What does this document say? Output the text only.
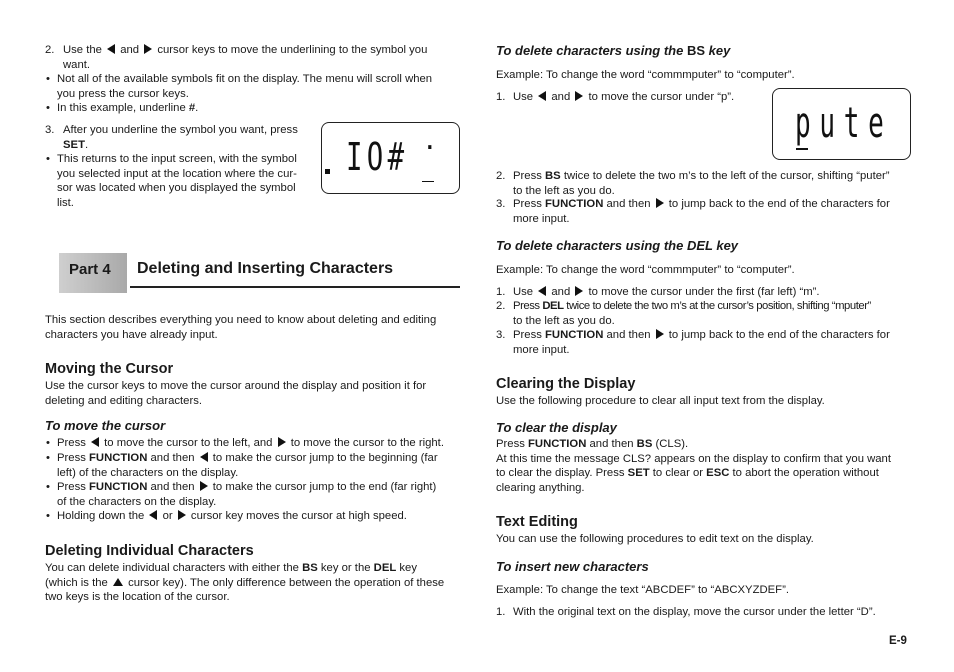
2. Use the and cursor keys to move the underlining to the symbol you
want.
• Not all of the available symbols fit on the display. The menu will scroll when
you press the cursor keys.
• In this example, underline #.
3. After you underline the symbol you want, press
SET.
• This returns to the input screen, with the symbol
you selected input at the location where the cur-
sor was located when you displayed the symbol
list.
IO# ·
Part 4 Deleting and Inserting Characters

This section describes everything you need to know about deleting and editing

characters you have already input.

Moving the Cursor

Use the cursor keys to move the cursor around the display and position it for

deleting and editing characters.

To move the cursor
• Press to move the cursor to the left, and to move the cursor to the right.
• Press FUNCTION and then to make the cursor jump to the beginning (far
left) of the characters on the display.
• Press FUNCTION and then to make the cursor jump to the end (far right)
of the characters on the display.
• Holding down the or cursor key moves the cursor at high speed.
Deleting Individual Characters

You can delete individual characters with either the BS key or the DEL key

(which is the cursor key). The only difference between the operation of these

two keys is the location of the cursor.

To delete characters using the BS key
Example: To change the word “commmputer” to “computer”.
1. Use and to move the cursor under “p”.
pute
2. Press BS twice to delete the two m’s to the left of the cursor, shifting “puter”
to the left as you do.
3. Press FUNCTION and then to jump back to the end of the characters for
more input.
To delete characters using the DEL key
Example: To change the word “commmputer” to “computer”.
1. Use and to move the cursor under the first (far left) “m”.
2. Press DEL twice to delete the two m’s at the cursor’s position, shifting “mputer”
to the left as you do.
3. Press FUNCTION and then to jump back to the end of the characters for
more input.
Clearing the Display
Use the following procedure to clear all input text from the display.
To clear the display

Press FUNCTION and then BS (CLS).

At this time the message CLS? appears on the display to confirm that you want

to clear the display. Press SET to clear or ESC to abort the operation without

clearing anything.

Text Editing
You can use the following procedures to edit text on the display.
To insert new characters
Example: To change the text “ABCDEF” to “ABCXYZDEF”.
1. With the original text on the display, move the cursor under the letter “D”.
E-9
